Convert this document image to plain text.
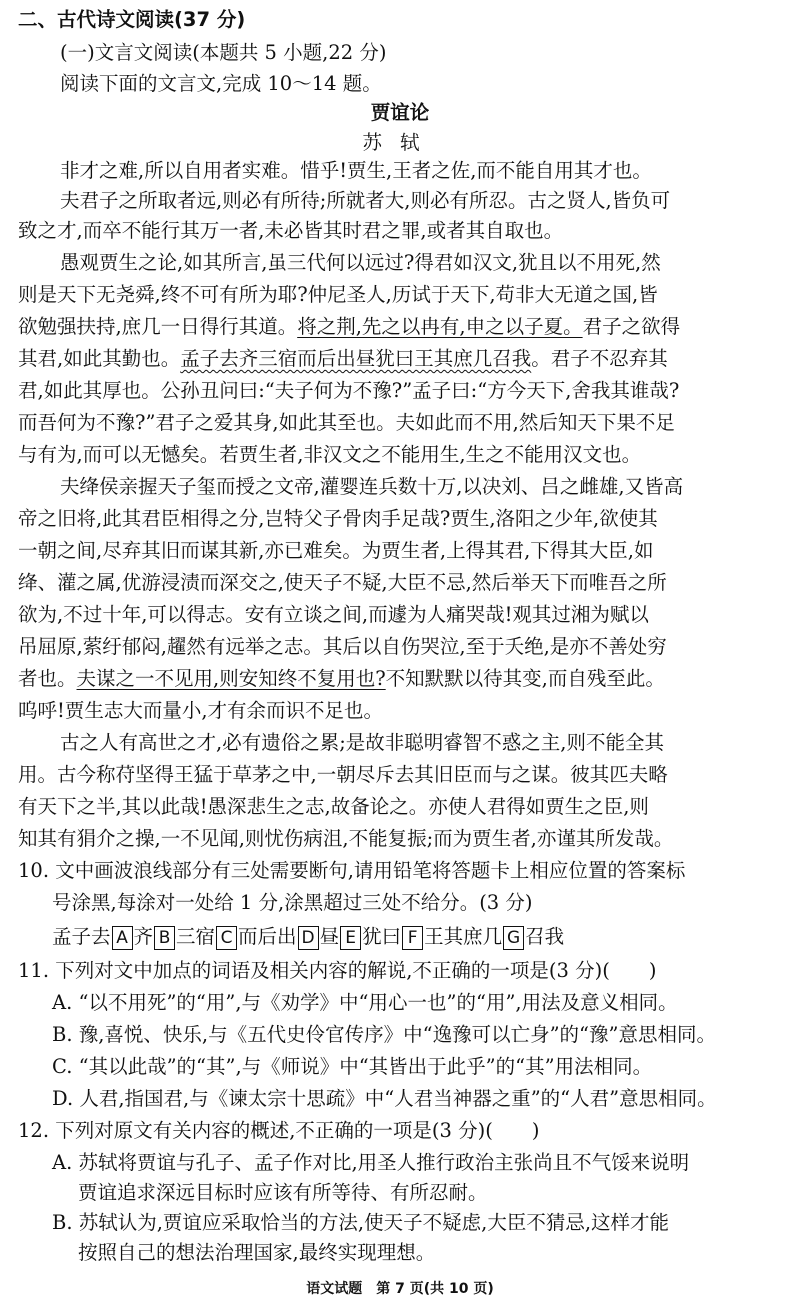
二、古代诗文阅读(37 分)
(一)文言文阅读(本题共 5 小题,22 分)
阅读下面的文言文,完成 10～14 题。
贾谊论
苏轼
非才之难,所以自用者实难。惜乎!贾生,王者之佐,而不能自用其才也。
夫君子之所取者远,则必有所待;所就者大,则必有所忍。古之贤人,皆负可
致之才,而卒不能行其万一者,未必皆其时君之罪,或者其自取也。
愚观贾生之论,如其所言,虽三代何以远过?得君如汉文,犹且以不用死,然
则是天下无尧舜,终不可有所为耶?仲尼圣人,历试于天下,苟非大无道之国,皆
欲勉强扶持,庶几一日得行其道。将之荆,先之以冉有,申之以子夏。君子之欲得
其君,如此其勤也。孟子去齐三宿而后出昼犹曰王其庶几召我。君子不忍弃其
君,如此其厚也。公孙丑问曰:“夫子何为不豫?”孟子曰:“方今天下,舍我其谁哉?
而吾何为不豫?”君子之爱其身,如此其至也。夫如此而不用,然后知天下果不足
与有为,而可以无憾矣。若贾生者,非汉文之不能用生,生之不能用汉文也。
夫绛侯亲握天子玺而授之文帝,灌婴连兵数十万,以决刘、吕之雌雄,又皆高
帝之旧将,此其君臣相得之分,岂特父子骨肉手足哉?贾生,洛阳之少年,欲使其
一朝之间,尽弃其旧而谋其新,亦已难矣。为贾生者,上得其君,下得其大臣,如
绛、灌之属,优游浸渍而深交之,使天子不疑,大臣不忌,然后举天下而唯吾之所
欲为,不过十年,可以得志。安有立谈之间,而遽为人痛哭哉!观其过湘为赋以
吊屈原,萦纡郁闷,趯然有远举之志。其后以自伤哭泣,至于夭绝,是亦不善处穷
者也。夫谋之一不见用,则安知终不复用也?不知默默以待其变,而自残至此。
呜呼!贾生志大而量小,才有余而识不足也。
古之人有高世之才,必有遗俗之累;是故非聪明睿智不惑之主,则不能全其
用。古今称苻坚得王猛于草茅之中,一朝尽斥去其旧臣而与之谋。彼其匹夫略
有天下之半,其以此哉!愚深悲生之志,故备论之。亦使人君得如贾生之臣,则
知其有狷介之操,一不见闻,则忧伤病沮,不能复振;而为贾生者,亦谨其所发哉。
10. 文中画波浪线部分有三处需要断句,请用铅笔将答题卡上相应位置的答案标
号涂黑,每涂对一处给 1 分,涂黑超过三处不给分。(3 分)
孟子去 A 齐 B 三宿 C 而后出 D 昼 E 犹曰 F 王其庶几 G 召我
11. 下列对文中加点的词语及相关内容的解说,不正确的一项是(3 分)(　　)
A. “以不用死”的“用”,与《劝学》中“用心一也”的“用”,用法及意义相同。
B. 豫,喜悦、快乐,与《五代史伶官传序》中“逸豫可以亡身”的“豫”意思相同。
C. “其以此哉”的“其”,与《师说》中“其皆出于此乎”的“其”用法相同。
D. 人君,指国君,与《谏太宗十思疏》中“人君当神器之重”的“人君”意思相同。
12. 下列对原文有关内容的概述,不正确的一项是(3 分)(　　)
A. 苏轼将贾谊与孔子、孟子作对比,用圣人推行政治主张尚且不气馁来说明
贾谊追求深远目标时应该有所等待、有所忍耐。
B. 苏轼认为,贾谊应采取恰当的方法,使天子不疑虑,大臣不猜忌,这样才能
按照自己的想法治理国家,最终实现理想。
语文试题　第 7 页(共 10 页)
